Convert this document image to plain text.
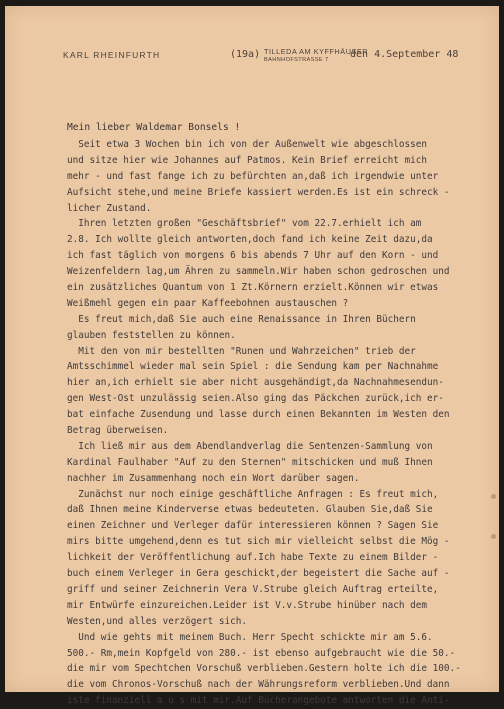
KARL RHEINFURTH	(19a) TILLEDA AM KYFFHÄUSER
BAHNHOFSTRASSE 7	den 4.September 48
Mein lieber Waldemar Bonsels !
Seit etwa 3 Wochen bin ich von der Außenwelt wie abgeschlossen
und sitze hier wie Johannes auf Patmos. Kein Brief erreicht mich
mehr - und fast fange ich zu befürchten an,daß ich irgendwie unter
Aufsicht stehe,und meine Briefe kassiert werden.Es ist ein schreck -
licher Zustand.
Ihren letzten großen "Geschäftsbrief" vom 22.7.erhielt ich am
2.8. Ich wollte gleich antworten,doch fand ich keine Zeit dazu,da
ich fast täglich von morgens 6 bis abends 7 Uhr auf den Korn - und
Weizenfeldern lag,um Ähren zu sammeln.Wir haben schon gedroschen und
ein zusätzliches Quantum von 1 Zt.Körnern erzielt.Können wir etwas
Weißmehl gegen ein paar Kaffeebohnen austauschen ?
Es freut mich,daß Sie auch eine Renaissance in Ihren Büchern
glauben feststellen zu können.
Mit den von mir bestellten "Runen und Wahrzeichen" trieb der
Amtsschimmel wieder mal sein Spiel : die Sendung kam per Nachnahme
hier an,ich erhielt sie aber nicht ausgehändigt,da Nachnahmesendun-
gen West-Ost unzulässig seien.Also ging das Päckchen zurück,ich er-
bat einfache Zusendung und lasse durch einen Bekannten im Westen den
Betrag überweisen.
Ich ließ mir aus dem Abendlandverlag die Sentenzen-Sammlung von
Kardinal Faulhaber "Auf zu den Sternen" mitschicken und muß Ihnen
nachher im Zusammenhang noch ein Wort darüber sagen.
Zunächst nur noch einige geschäftliche Anfragen : Es freut mich,
daß Ihnen meine Kinderverse etwas bedeuteten. Glauben Sie,daß Sie
einen Zeichner und Verleger dafür interessieren können ? Sagen Sie
mirs bitte umgehend,denn es tut sich mir vielleicht selbst die Mög -
lichkeit der Veröffentlichung auf.Ich habe Texte zu einem Bilder -
buch einem Verleger in Gera geschickt,der begeistert die Sache auf -
griff und seiner Zeichnerin Vera V.Strube gleich Auftrag erteilte,
mir Entwürfe einzureichen.Leider ist V.v.Strube hinüber nach dem
Westen,und alles verzögert sich.
Und wie gehts mit meinem Buch. Herr Specht schickte mir am 5.6.
500.- Rm,mein Kopfgeld von 280.- ist ebenso aufgebraucht wie die 50.-
die mir vom Spechtchen Vorschuß verblieben.Gestern holte ich die 100.-
die vom Chronos-Vorschuß nach der Währungsreform verblieben.Und dann
iste finanziell a u s mit mir.Auf Bücherangebote antworten die Anti-
